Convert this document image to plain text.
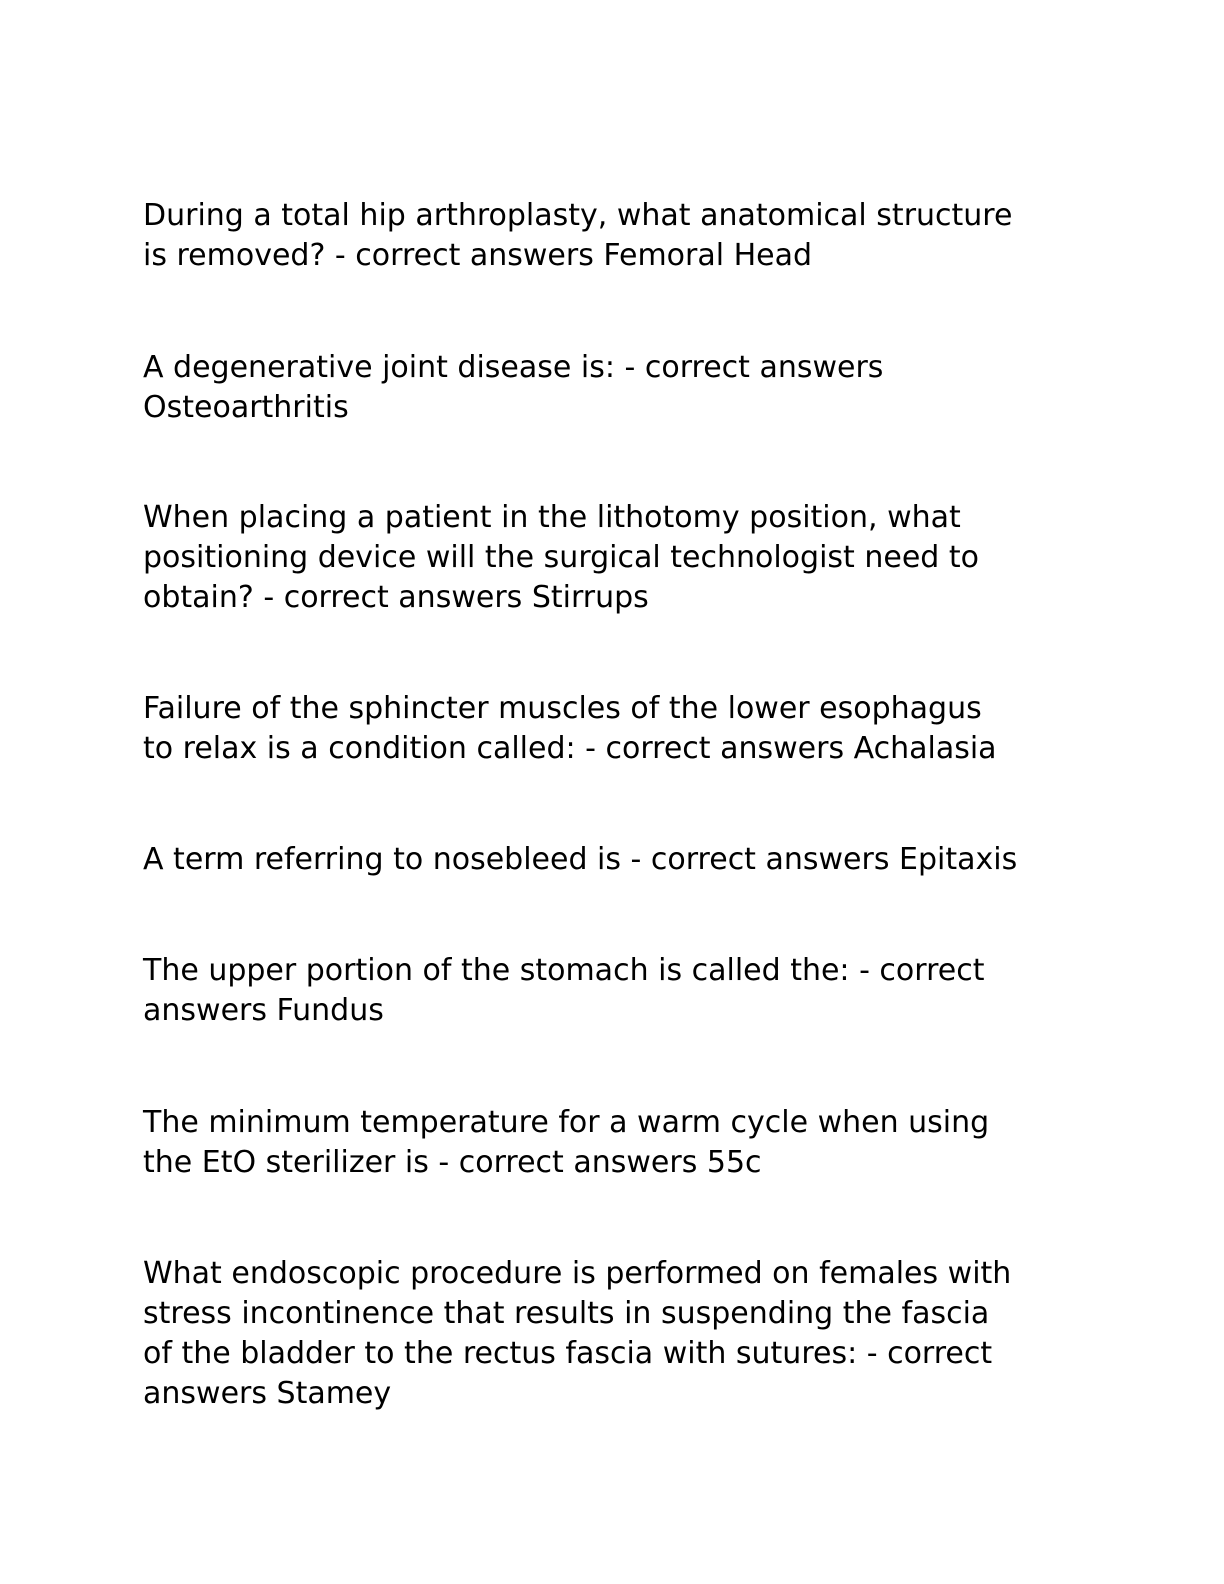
During a total hip arthroplasty, what anatomical structure
is removed? - correct answers Femoral Head

A degenerative joint disease is: - correct answers
Osteoarthritis

When placing a patient in the lithotomy position, what
positioning device will the surgical technologist need to
obtain? - correct answers Stirrups

Failure of the sphincter muscles of the lower esophagus
to relax is a condition called: - correct answers Achalasia

A term referring to nosebleed is - correct answers Epitaxis

The upper portion of the stomach is called the: - correct
answers Fundus

The minimum temperature for a warm cycle when using
the EtO sterilizer is - correct answers 55c

What endoscopic procedure is performed on females with
stress incontinence that results in suspending the fascia
of the bladder to the rectus fascia with sutures: - correct
answers Stamey
